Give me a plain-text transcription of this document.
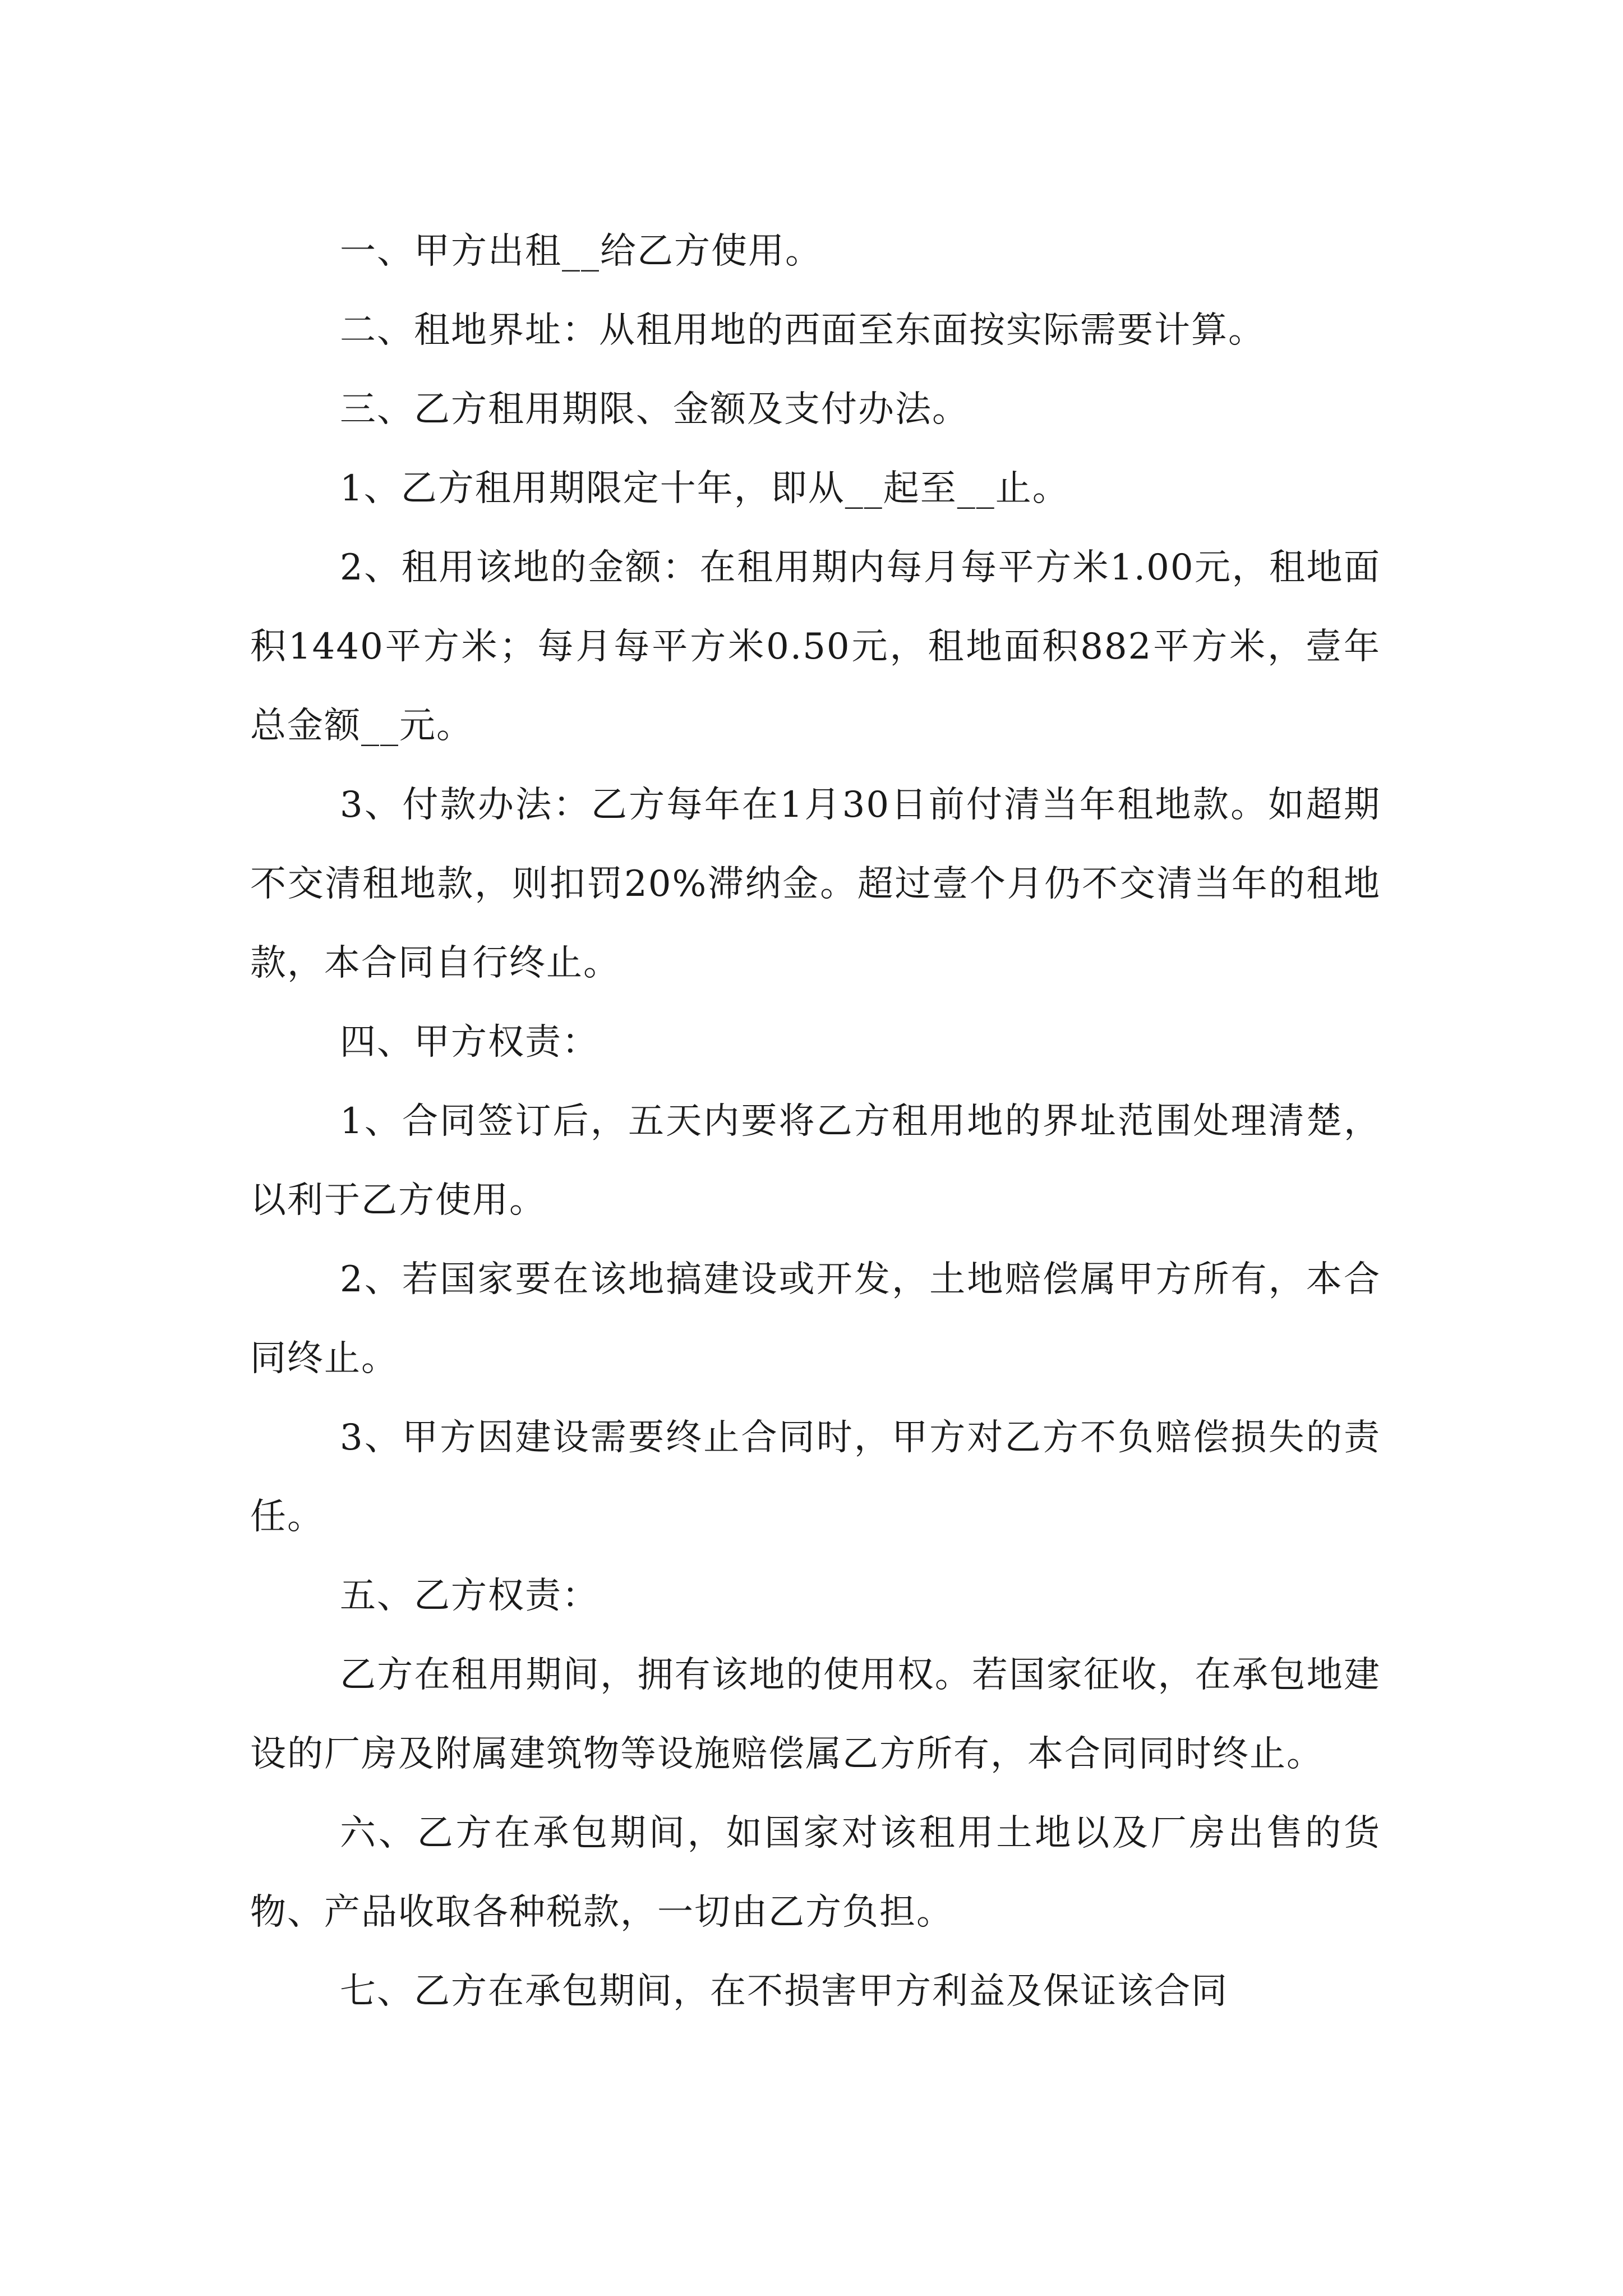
一、甲方出租__给乙方使用。

二、租地界址：从租用地的西面至东面按实际需要计算。

三、乙方租用期限、金额及支付办法。

1、乙方租用期限定十年，即从__起至__止。

2、租用该地的金额：在租用期内每月每平方米1.00元，租地面积1440平方米；每月每平方米0.50元，租地面积882平方米，壹年总金额__元。

3、付款办法：乙方每年在1月30日前付清当年租地款。如超期不交清租地款，则扣罚20%滞纳金。超过壹个月仍不交清当年的租地款，本合同自行终止。

四、甲方权责：

1、合同签订后，五天内要将乙方租用地的界址范围处理清楚，以利于乙方使用。

2、若国家要在该地搞建设或开发，土地赔偿属甲方所有，本合同终止。

3、甲方因建设需要终止合同时，甲方对乙方不负赔偿损失的责任。

五、乙方权责：

乙方在租用期间，拥有该地的使用权。若国家征收，在承包地建设的厂房及附属建筑物等设施赔偿属乙方所有，本合同同时终止。

六、乙方在承包期间，如国家对该租用土地以及厂房出售的货物、产品收取各种税款，一切由乙方负担。

七、乙方在承包期间，在不损害甲方利益及保证该合同
